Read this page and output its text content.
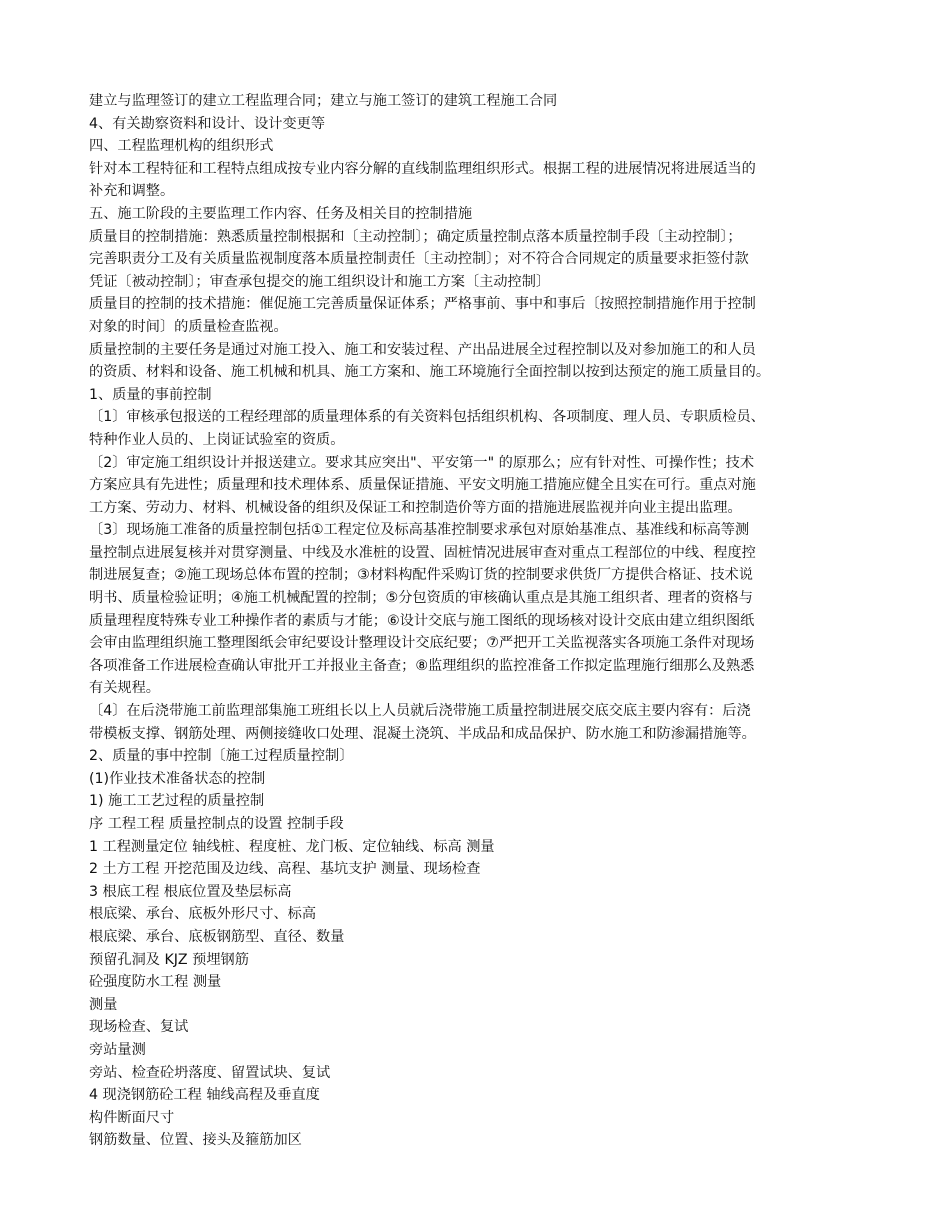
建立与监理签订的建立工程监理合同；建立与施工签订的建筑工程施工合同

4、有关勘察资料和设计、设计变更等

四、工程监理机构的组织形式

针对本工程特征和工程特点组成按专业内容分解的直线制监理组织形式。根据工程的进展情况将进展适当的

补充和调整。

五、施工阶段的主要监理工作内容、任务及相关目的控制措施

质量目的控制措施：熟悉质量控制根据和〔主动控制〕；确定质量控制点落本质量控制手段〔主动控制〕；

完善职责分工及有关质量监视制度落本质量控制责任〔主动控制〕；对不符合合同规定的质量要求拒签付款

凭证〔被动控制〕；审查承包提交的施工组织设计和施工方案〔主动控制〕

质量目的控制的技术措施：催促施工完善质量保证体系；严格事前、事中和事后〔按照控制措施作用于控制

对象的时间〕的质量检查监视。

质量控制的主要任务是通过对施工投入、施工和安装过程、产出品进展全过程控制以及对参加施工的和人员

的资质、材料和设备、施工机械和机具、施工方案和、施工环境施行全面控制以按到达预定的施工质量目的。

1、质量的事前控制

〔1〕审核承包报送的工程经理部的质量理体系的有关资料包括组织机构、各项制度、理人员、专职质检员、

特种作业人员的、上岗证试验室的资质。

〔2〕审定施工组织设计并报送建立。要求其应突出"、平安第一" 的原那么；应有针对性、可操作性；技术

方案应具有先进性；质量理和技术理体系、质量保证措施、平安文明施工措施应健全且实在可行。重点对施

工方案、劳动力、材料、机械设备的组织及保证工和控制造价等方面的措施进展监视并向业主提出监理。

〔3〕现场施工准备的质量控制包括①工程定位及标高基准控制要求承包对原始基准点、基准线和标高等测

量控制点进展复核并对贯穿测量、中线及水准桩的设置、固桩情况进展审查对重点工程部位的中线、程度控

制进展复查；②施工现场总体布置的控制；③材料构配件采购订货的控制要求供货厂方提供合格证、技术说

明书、质量检验证明；④施工机械配置的控制；⑤分包资质的审核确认重点是其施工组织者、理者的资格与

质量理程度特殊专业工种操作者的素质与才能；⑥设计交底与施工图纸的现场核对设计交底由建立组织图纸

会审由监理组织施工整理图纸会审纪要设计整理设计交底纪要；⑦严把开工关监视落实各项施工条件对现场

各项准备工作进展检查确认审批开工并报业主备查；⑧监理组织的监控准备工作拟定监理施行细那么及熟悉

有关规程。

〔4〕在后浇带施工前监理部集施工班组长以上人员就后浇带施工质量控制进展交底交底主要内容有：后浇

带模板支撑、钢筋处理、两侧接缝收口处理、混凝土浇筑、半成品和成品保护、防水施工和防渗漏措施等。

2、质量的事中控制〔施工过程质量控制〕

(1)作业技术准备状态的控制

1) 施工工艺过程的质量控制

序 工程工程 质量控制点的设置 控制手段

1 工程测量定位 轴线桩、程度桩、龙门板、定位轴线、标高 测量

2 土方工程 开挖范围及边线、高程、基坑支护 测量、现场检查

3 根底工程 根底位置及垫层标高

根底梁、承台、底板外形尺寸、标高

根底梁、承台、底板钢筋型、直径、数量

预留孔洞及 KJZ 预埋钢筋

砼强度防水工程 测量

测量

现场检查、复试

旁站量测

旁站、检查砼坍落度、留置试块、复试

4 现浇钢筋砼工程 轴线高程及垂直度

构件断面尺寸

钢筋数量、位置、接头及箍筋加区
